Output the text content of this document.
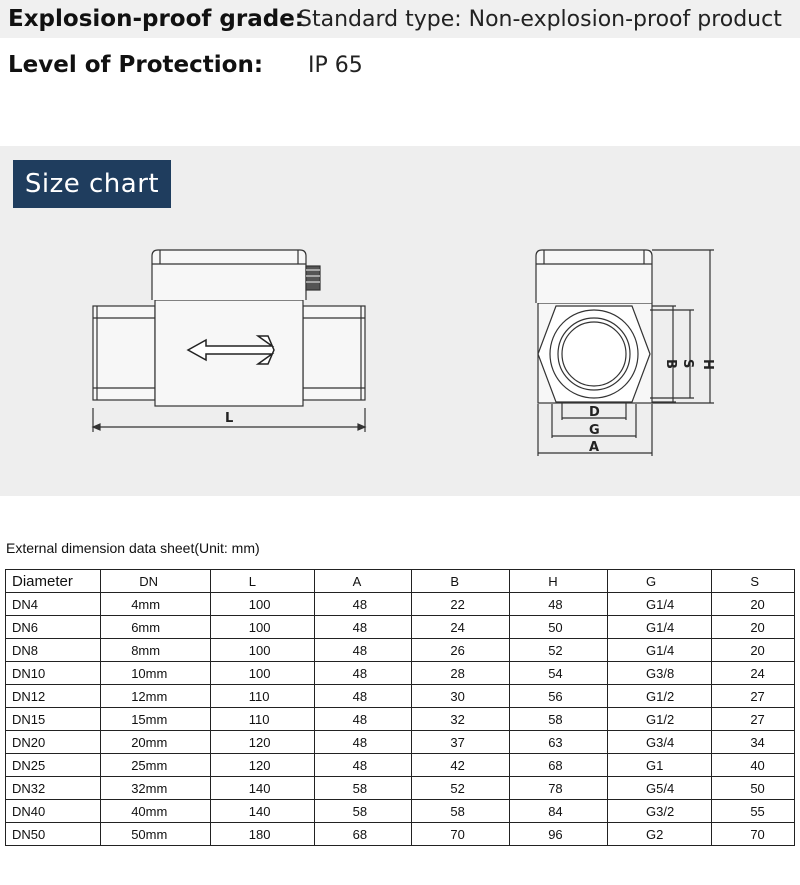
Explosion-proof grade:
Standard type: Non-explosion-proof product
Level of Protection: IP 65
Size chart
L	D
G
A
B S H
External dimension data sheet(Unit: mm)
Diameter	DN	L	A	B	H	G	S
DN4	4mm	100	48	22	48	G1/4	20
DN6	6mm	100	48	24	50	G1/4	20
DN8	8mm	100	48	26	52	G1/4	20
DN10	10mm	100	48	28	54	G3/8	24
DN12	12mm	110	48	30	56	G1/2	27
DN15	15mm	110	48	32	58	G1/2	27
DN20	20mm	120	48	37	63	G3/4	34
DN25	25mm	120	48	42	68	G1	40
DN32	32mm	140	58	52	78	G5/4	50
DN40	40mm	140	58	58	84	G3/2	55
DN50	50mm	180	68	70	96	G2	70
